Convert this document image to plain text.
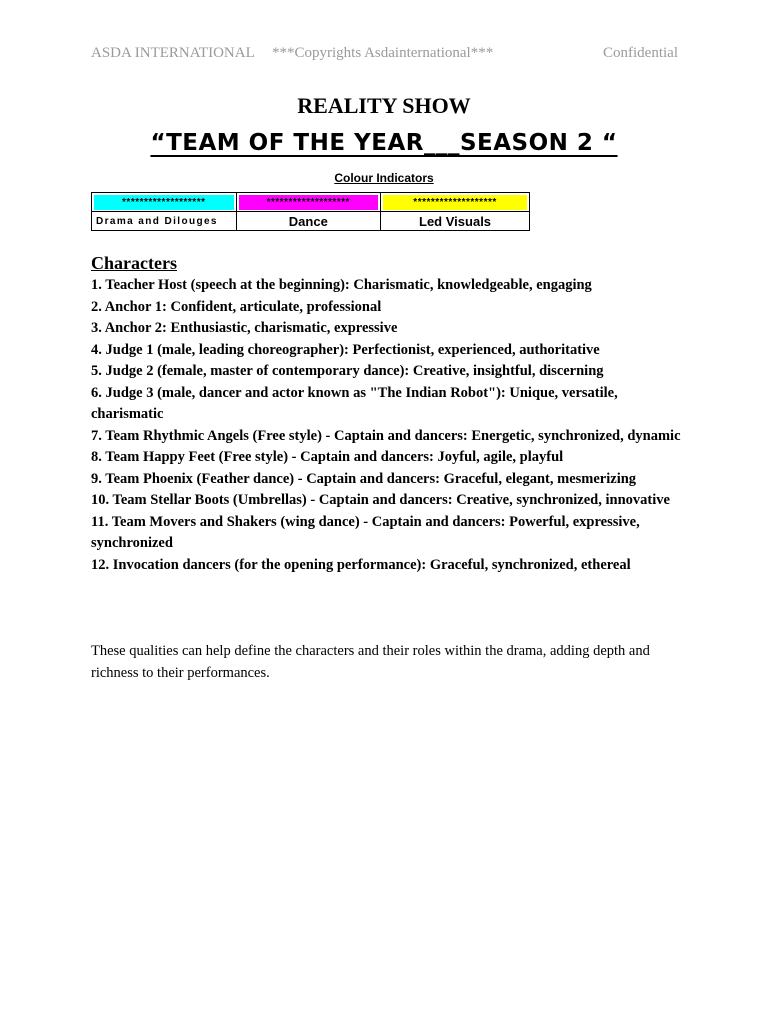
ASDA INTERNATIONAL ***Copyrights Asdainternational***	Confidential
REALITY SHOW
“TEAM OF THE YEAR___SEASON 2 “
Colour Indicators
*******************	*******************	*******************

Drama and Dilouges	Dance	Led Visuals
Characters
1. Teacher Host (speech at the beginning): Charismatic, knowledgeable, engaging
2. Anchor 1: Confident, articulate, professional
3. Anchor 2: Enthusiastic, charismatic, expressive
4. Judge 1 (male, leading choreographer): Perfectionist, experienced, authoritative
5. Judge 2 (female, master of contemporary dance): Creative, insightful, discerning
6. Judge 3 (male, dancer and actor known as "The Indian Robot"): Unique, versatile, charismatic
7. Team Rhythmic Angels (Free style) - Captain and dancers: Energetic, synchronized, dynamic
8. Team Happy Feet (Free style) - Captain and dancers: Joyful, agile, playful
9. Team Phoenix (Feather dance) - Captain and dancers: Graceful, elegant, mesmerizing
10. Team Stellar Boots (Umbrellas) - Captain and dancers: Creative, synchronized, innovative
11. Team Movers and Shakers (wing dance) - Captain and dancers: Powerful, expressive, synchronized
12. Invocation dancers (for the opening performance): Graceful, synchronized, ethereal
These qualities can help define the characters and their roles within the drama, adding depth and richness to their performances.
